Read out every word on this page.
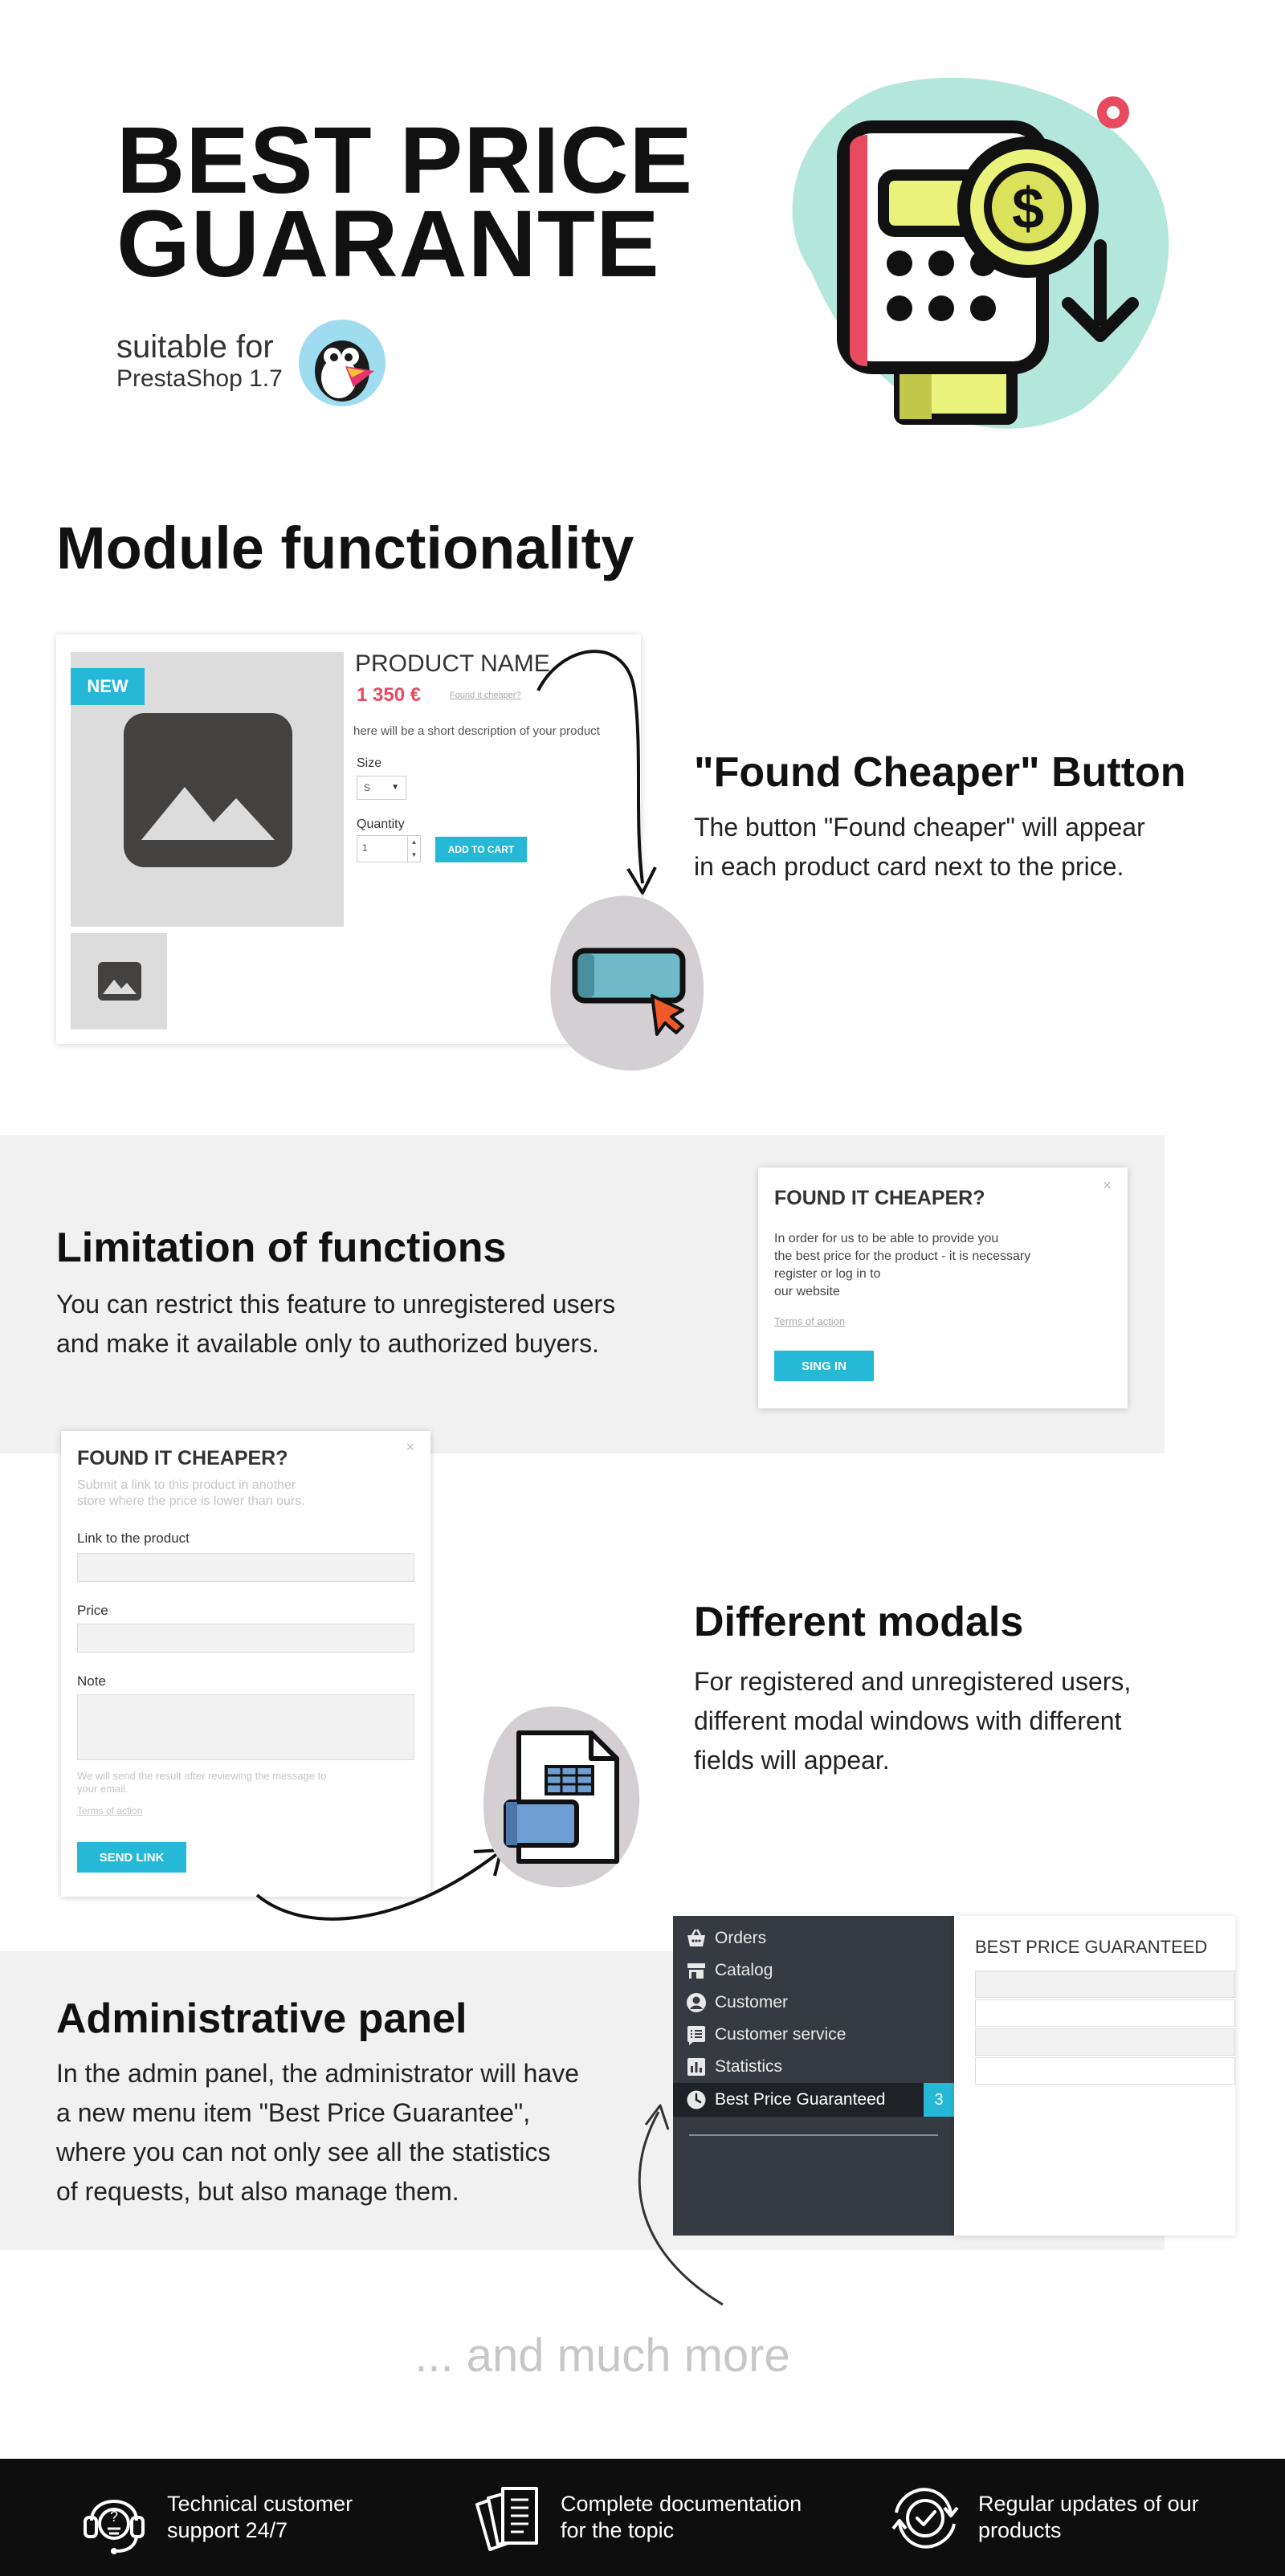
BEST PRICE
GUARANTE
suitable for
PrestaShop 1.7
$
Module functionality
NEW
PRODUCT NAME
1 350 €	Found it cheaper?
here will be a short description of your product
Size
S	▼
Quantity
1
▲
▼	ADD TO CART
"Found Cheaper" Button
The button "Found cheaper" will appear
in each product card next to the price.
Limitation of functions
You can restrict this feature to unregistered users
and make it available only to authorized buyers.
FOUND IT CHEAPER?
×
In order for us to be able to provide you
the best price for the product - it is necessary
register or log in to
our website
Terms of action
SING IN
FOUND IT CHEAPER?	×
Submit a link to this product in another
store where the price is lower than ours.
Link to the product
Price
Note
We will send the result after reviewing the message to
your email.
Terms of action
SEND LINK
Different modals
For registered and unregistered users,
different modal windows with different
fields will appear.
Administrative panel
In the admin panel, the administrator will have
a new menu item "Best Price Guarantee",
where you can not only see all the statistics
of requests, but also manage them.
Orders
Catalog
Customer
Customer service
Statistics
Best Price Guaranteed	3
BEST PRICE GUARANTEED
... and much more
?
Technical customer
support 24/7
Complete documentation
for the topic
Regular updates of our
products
